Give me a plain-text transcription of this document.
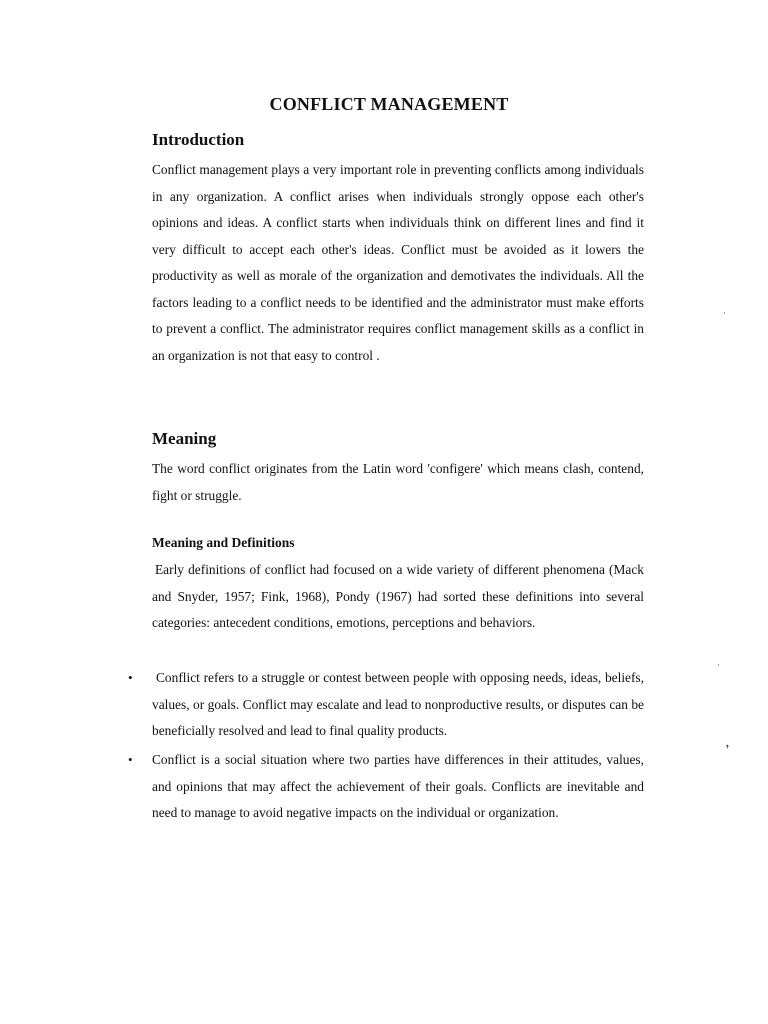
CONFLICT MANAGEMENT
Introduction
Conflict management plays a very important role in preventing conflicts among individuals in any organization. A conflict arises when individuals strongly oppose each other's opinions and ideas. A conflict starts when individuals think on different lines and find it very difficult to accept each other's ideas. Conflict must be avoided as it lowers the productivity as well as morale of the organization and demotivates the individuals. All the factors leading to a conflict needs to be identified and the administrator must make efforts to prevent a conflict. The administrator requires conflict management skills as a conflict in an organization is not that easy to control .
Meaning
The word conflict originates from the Latin word 'configere' which means clash, contend, fight or struggle.
Meaning and Definitions
Early definitions of conflict had focused on a wide variety of different phenomena (Mack and Snyder, 1957; Fink, 1968), Pondy (1967) had sorted these definitions into several categories: antecedent conditions, emotions, perceptions and behaviors.
• Conflict refers to a struggle or contest between people with opposing needs, ideas, beliefs, values, or goals. Conflict may escalate and lead to nonproductive results, or disputes can be beneficially resolved and lead to final quality products.
• Conflict is a social situation where two parties have differences in their attitudes, values, and opinions that may affect the achievement of their goals. Conflicts are inevitable and need to manage to avoid negative impacts on the individual or organization.
·
·
ꜛ
